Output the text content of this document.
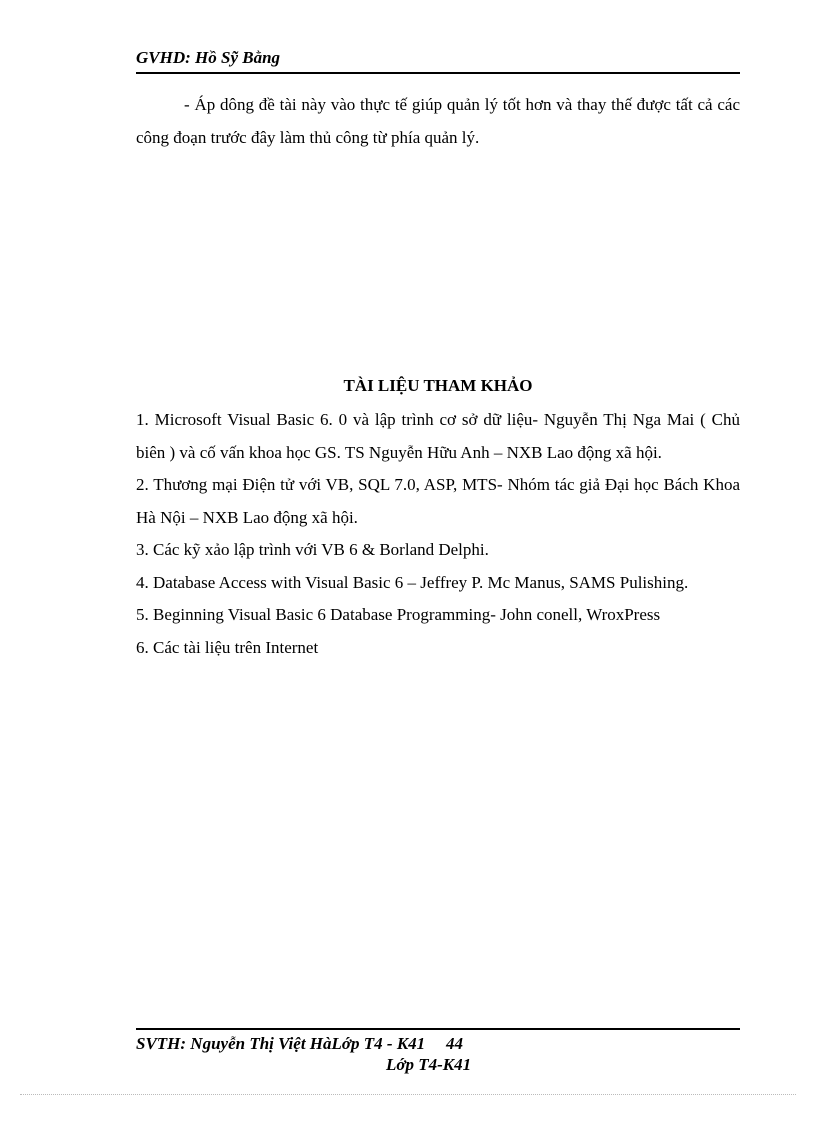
GVHD: Hồ Sỹ Bằng
- Áp dông đề tài này vào thực tế giúp quản lý tốt hơn và thay thế được tất cả các công đoạn trước đây làm thủ công từ phía quản lý.
TÀI LIỆU THAM KHẢO

1. Microsoft Visual Basic 6. 0 và lập trình cơ sở dữ liệu- Nguyễn Thị Nga Mai ( Chủ biên ) và cố vấn khoa học GS. TS Nguyễn Hữu Anh – NXB Lao động xã hội.

2. Thương mại Điện tử với VB, SQL 7.0, ASP, MTS- Nhóm tác giả Đại học Bách Khoa Hà Nội – NXB Lao động xã hội.

3. Các kỹ xảo lập trình với VB 6 & Borland Delphi.

4. Database Access with Visual Basic 6 – Jeffrey P. Mc Manus, SAMS Pulishing.

5. Beginning Visual Basic 6 Database Programming- John conell, WroxPress

6. Các tài liệu trên Internet

SVTH: Nguyễn Thị Việt HàLớp T4 - K41 44
Lớp T4-K41
